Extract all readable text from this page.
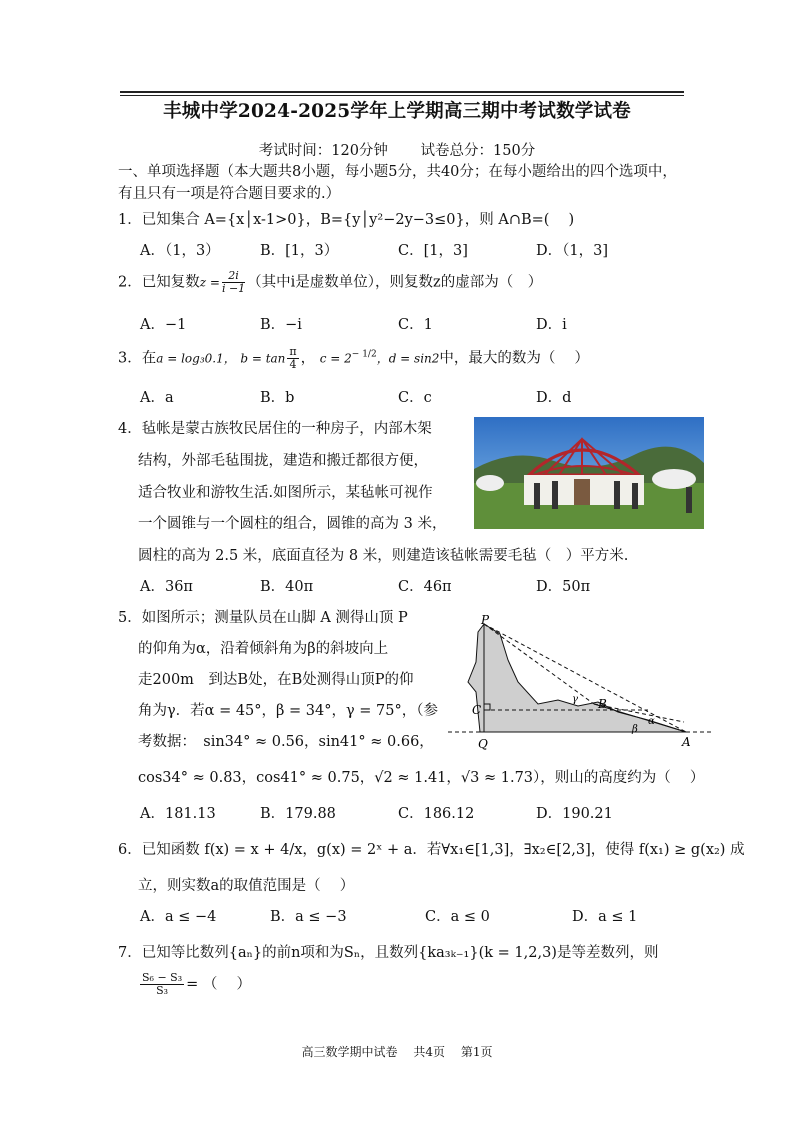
丰城中学2024-2025学年上学期高三期中考试数学试卷
考试时间：120分钟 试卷总分：150分
一、单项选择题（本大题共8小题，每小题5分，共40分；在每小题给出的四个选项中，有且只有一项是符合题目要求的.）
1．已知集合 A={x│x-1>0}，B={y│y²−2y−3≤0}，则 A∩B=(　 )
A．（1，3）	B．[1，3）	C．[1，3]	D．（1，3]
2．已知复数$z = \frac{2i}{i -1}$ （其中i是虚数单位），则复数z的虚部为（　）
A．−1	B．−i	C．1	D．i
3．在a = log₃0.1， $b = \tan \frac{\pi}{4}$ ， $c = 2^{- 1/2}$，d = sin2中，最大的数为（　 ）
A．a	B．b	C．c	D．d
4．毡帐是蒙古族牧民居住的一种房子，内部木架
结构，外部毛毡围拢，建造和搬迁都很方便，
适合牧业和游牧生活.如图所示，某毡帐可视作
一个圆锥与一个圆柱的组合，圆锥的高为 3 米，
圆柱的高为 2.5 米，底面直径为 8 米，则建造该毡帐需要毛毡（　）平方米.
A．36π	B．40π	C．46π	D．50π
5．如图所示；测量队员在山脚 A 测得山顶 P
的仰角为α，沿着倾斜角为β的斜坡向上
走200m　到达B处，在B处测得山顶P的仰
角为γ．若α = 45°，β = 34°，γ = 75°，（参
考数据：　sin34° ≈ 0.56，sin41° ≈ 0.66，
cos34° ≈ 0.83，cos41° ≈ 0.75，√2 ≈ 1.41，√3 ≈ 1.73），则山的高度约为（　 ）
A．181.13	B．179.88	C．186.12	D．190.21
P
C
Q
B
A
γ
α
β
6．已知函数 f(x) = x + 4/x，g(x) = 2ˣ + a．若∀x₁∈[1,3]，∃x₂∈[2,3]，使得 f(x₁) ≥ g(x₂) 成
立，则实数a的取值范围是（　 ）
A．a ≤ −4	B．a ≤ −3	C．a ≤ 0	D．a ≤ 1
7．已知等比数列{aₙ}的前n项和为Sₙ，且数列{ka₃ₖ₋₁}(k = 1,2,3)是等差数列，则
$\frac{\text{S₆ − S₃}}{\text{S₃}}$ = （　 ）
高三数学期中试卷 共4页 第1页
